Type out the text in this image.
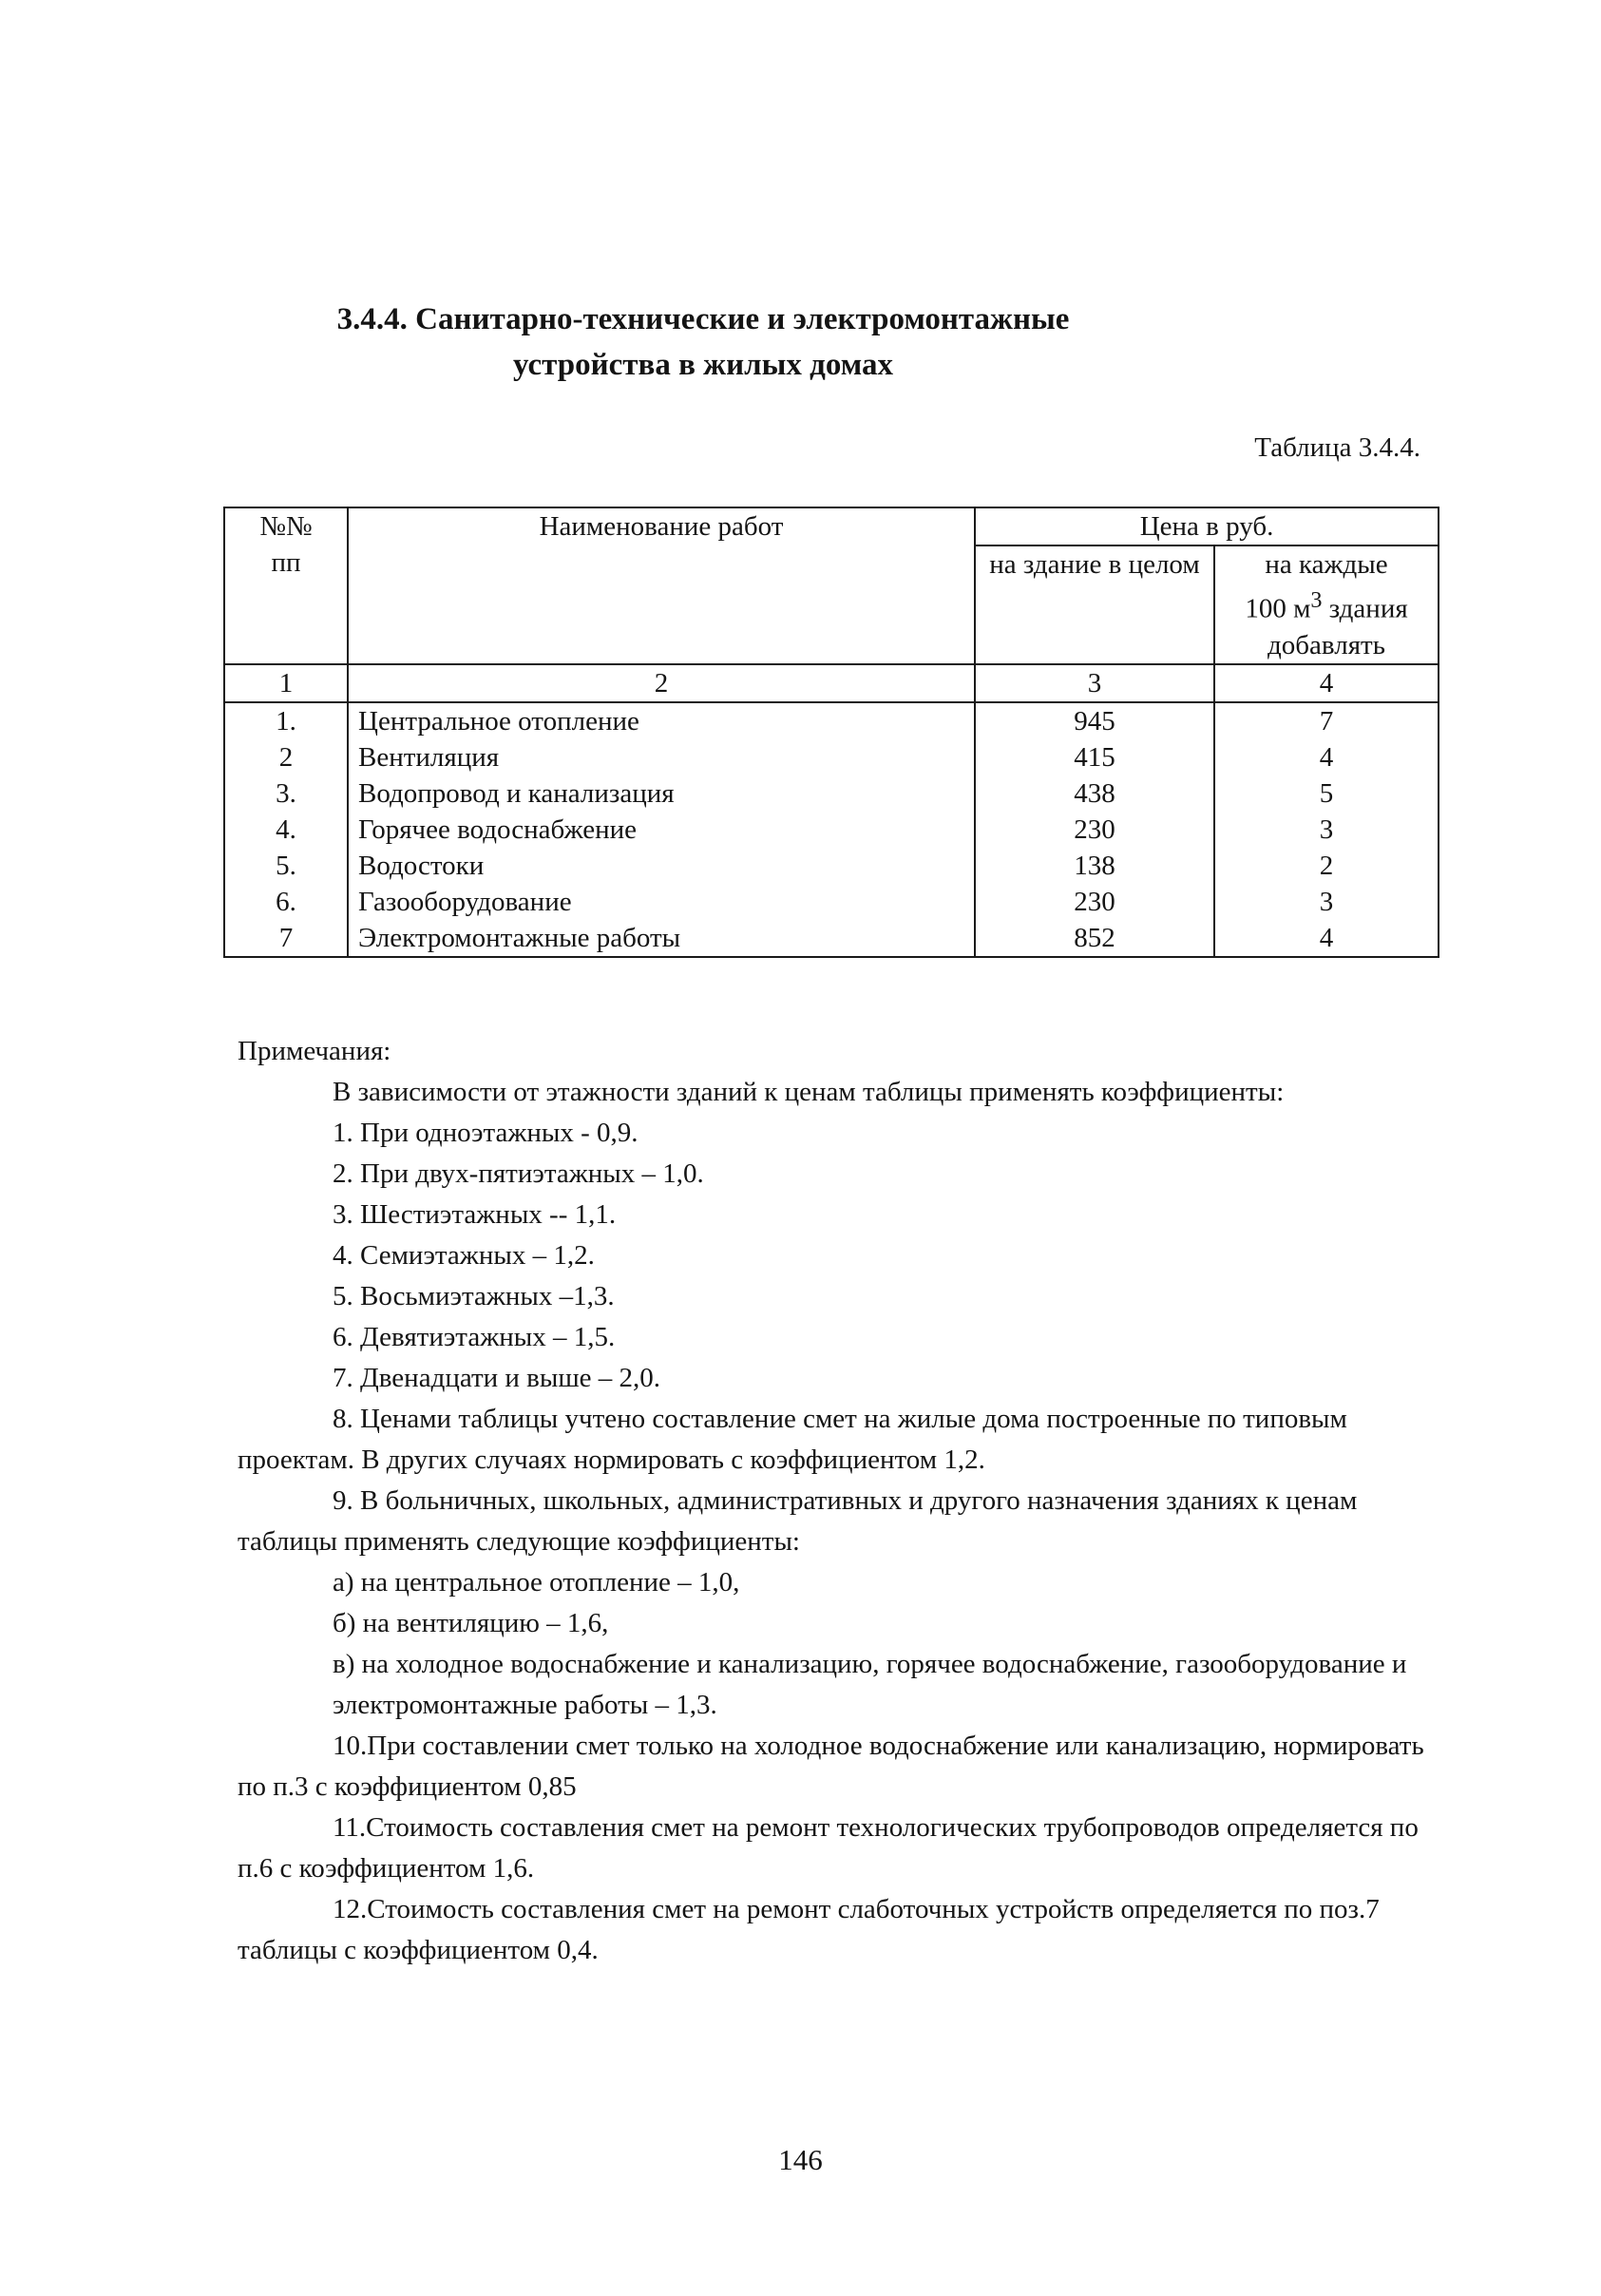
3.4.4. Санитарно-технические и электромонтажные
устройства в жилых домах
Таблица 3.4.4.
№№
пп	Наименование работ	Цена в руб.	
		на здание в целом	на каждые
100 $м^3$ здания
добавлять

1	2	3	4
1.	Центральное отопление	945	7
2	Вентиляция	415	4
3.	Водопровод и канализация	438	5
4.	Горячее водоснабжение	230	3
5.	Водостоки	138	2
6.	Газооборудование	230	3
7	Электромонтажные работы	852	4

Примечания:

В зависимости от этажности зданий к ценам таблицы применять коэффициенты:

1. При одноэтажных - 0,9.

2. При двух-пятиэтажных – 1,0.

3. Шестиэтажных -- 1,1.

4. Семиэтажных – 1,2.

5. Восьмиэтажных –1,3.

6. Девятиэтажных – 1,5.

7. Двенадцати и выше – 2,0.

8. Ценами таблицы учтено составление смет на жилые дома построенные по типовым проектам. В других случаях нормировать с коэффициентом 1,2.

9. В больничных, школьных, административных и другого назначения зданиях к ценам таблицы применять следующие коэффициенты:

а) на центральное отопление – 1,0,

б) на вентиляцию – 1,6,

в) на холодное водоснабжение и канализацию, горячее водоснабжение, газооборудование и электромонтажные работы – 1,3.

10.При составлении смет только на холодное водоснабжение или канализацию, нормировать по п.3 с коэффициентом 0,85

11.Стоимость составления смет на ремонт технологических трубопроводов определяется по п.6 с коэффициентом 1,6.

12.Стоимость составления смет на ремонт слаботочных устройств определяется по поз.7 таблицы с коэффициентом 0,4.

146
